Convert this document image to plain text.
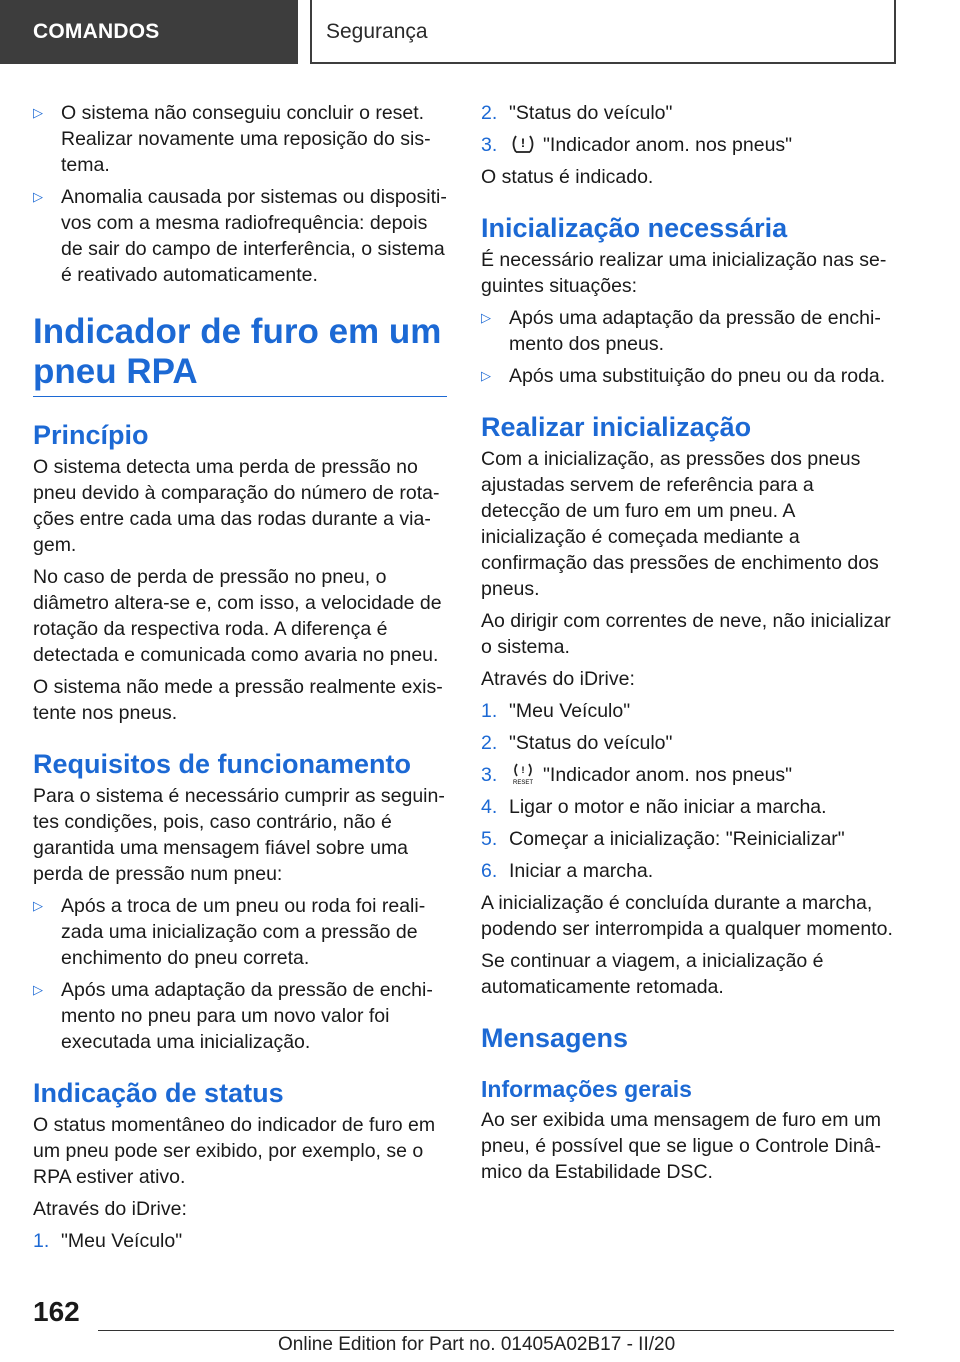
COMANDOS	Segurança
▷ O sistema não conseguiu concluir o reset. Realizar novamente uma reposição do sistema.
▷ Anomalia causada por sistemas ou dispositivos com a mesma radiofrequência: depois de sair do campo de interferência, o sistema é reativado automaticamente.
Indicador de furo em um pneu RPA
Princípio

O sistema detecta uma perda de pressão no pneu devido à comparação do número de rotações entre cada uma das rodas durante a viagem.

No caso de perda de pressão no pneu, o diâmetro altera-se e, com isso, a velocidade de rotação da respectiva roda. A diferença é detectada e comunicada como avaria no pneu.

O sistema não mede a pressão realmente existente nos pneus.

Requisitos de funcionamento

Para o sistema é necessário cumprir as seguintes condições, pois, caso contrário, não é garantida uma mensagem fiável sobre uma perda de pressão num pneu:

▷ Após a troca de um pneu ou roda foi realizada uma inicialização com a pressão de enchimento do pneu correta.
▷ Após uma adaptação da pressão de enchimento no pneu para um novo valor foi executada uma inicialização.
Indicação de status

O status momentâneo do indicador de furo em um pneu pode ser exibido, por exemplo, se o RPA estiver ativo.

Através do iDrive:

1. "Meu Veículo"
2. "Status do veículo"
3. ! "Indicador anom. nos pneus"

O status é indicado.

Inicialização necessária

É necessário realizar uma inicialização nas seguintes situações:

▷ Após uma adaptação da pressão de enchimento dos pneus.
▷ Após uma substituição do pneu ou da roda.
Realizar inicialização

Com a inicialização, as pressões dos pneus ajustadas servem de referência para a detecção de um furo em um pneu. A inicialização é começada mediante a confirmação das pressões de enchimento dos pneus.

Ao dirigir com correntes de neve, não inicializar o sistema.

Através do iDrive:

1. "Meu Veículo"
2. "Status do veículo"
3.	!
RESET "Indicador anom. nos pneus"
4. Ligar o motor e não iniciar a marcha.
5. Começar a inicialização: "Reinicializar"
6. Iniciar a marcha.

A inicialização é concluída durante a marcha, podendo ser interrompida a qualquer momento.

Se continuar a viagem, a inicialização é automaticamente retomada.

Mensagens
Informações gerais

Ao ser exibida uma mensagem de furo em um pneu, é possível que se ligue o Controle Dinâmico da Estabilidade DSC.

162
Online Edition for Part no. 01405A02B17 - II/20
